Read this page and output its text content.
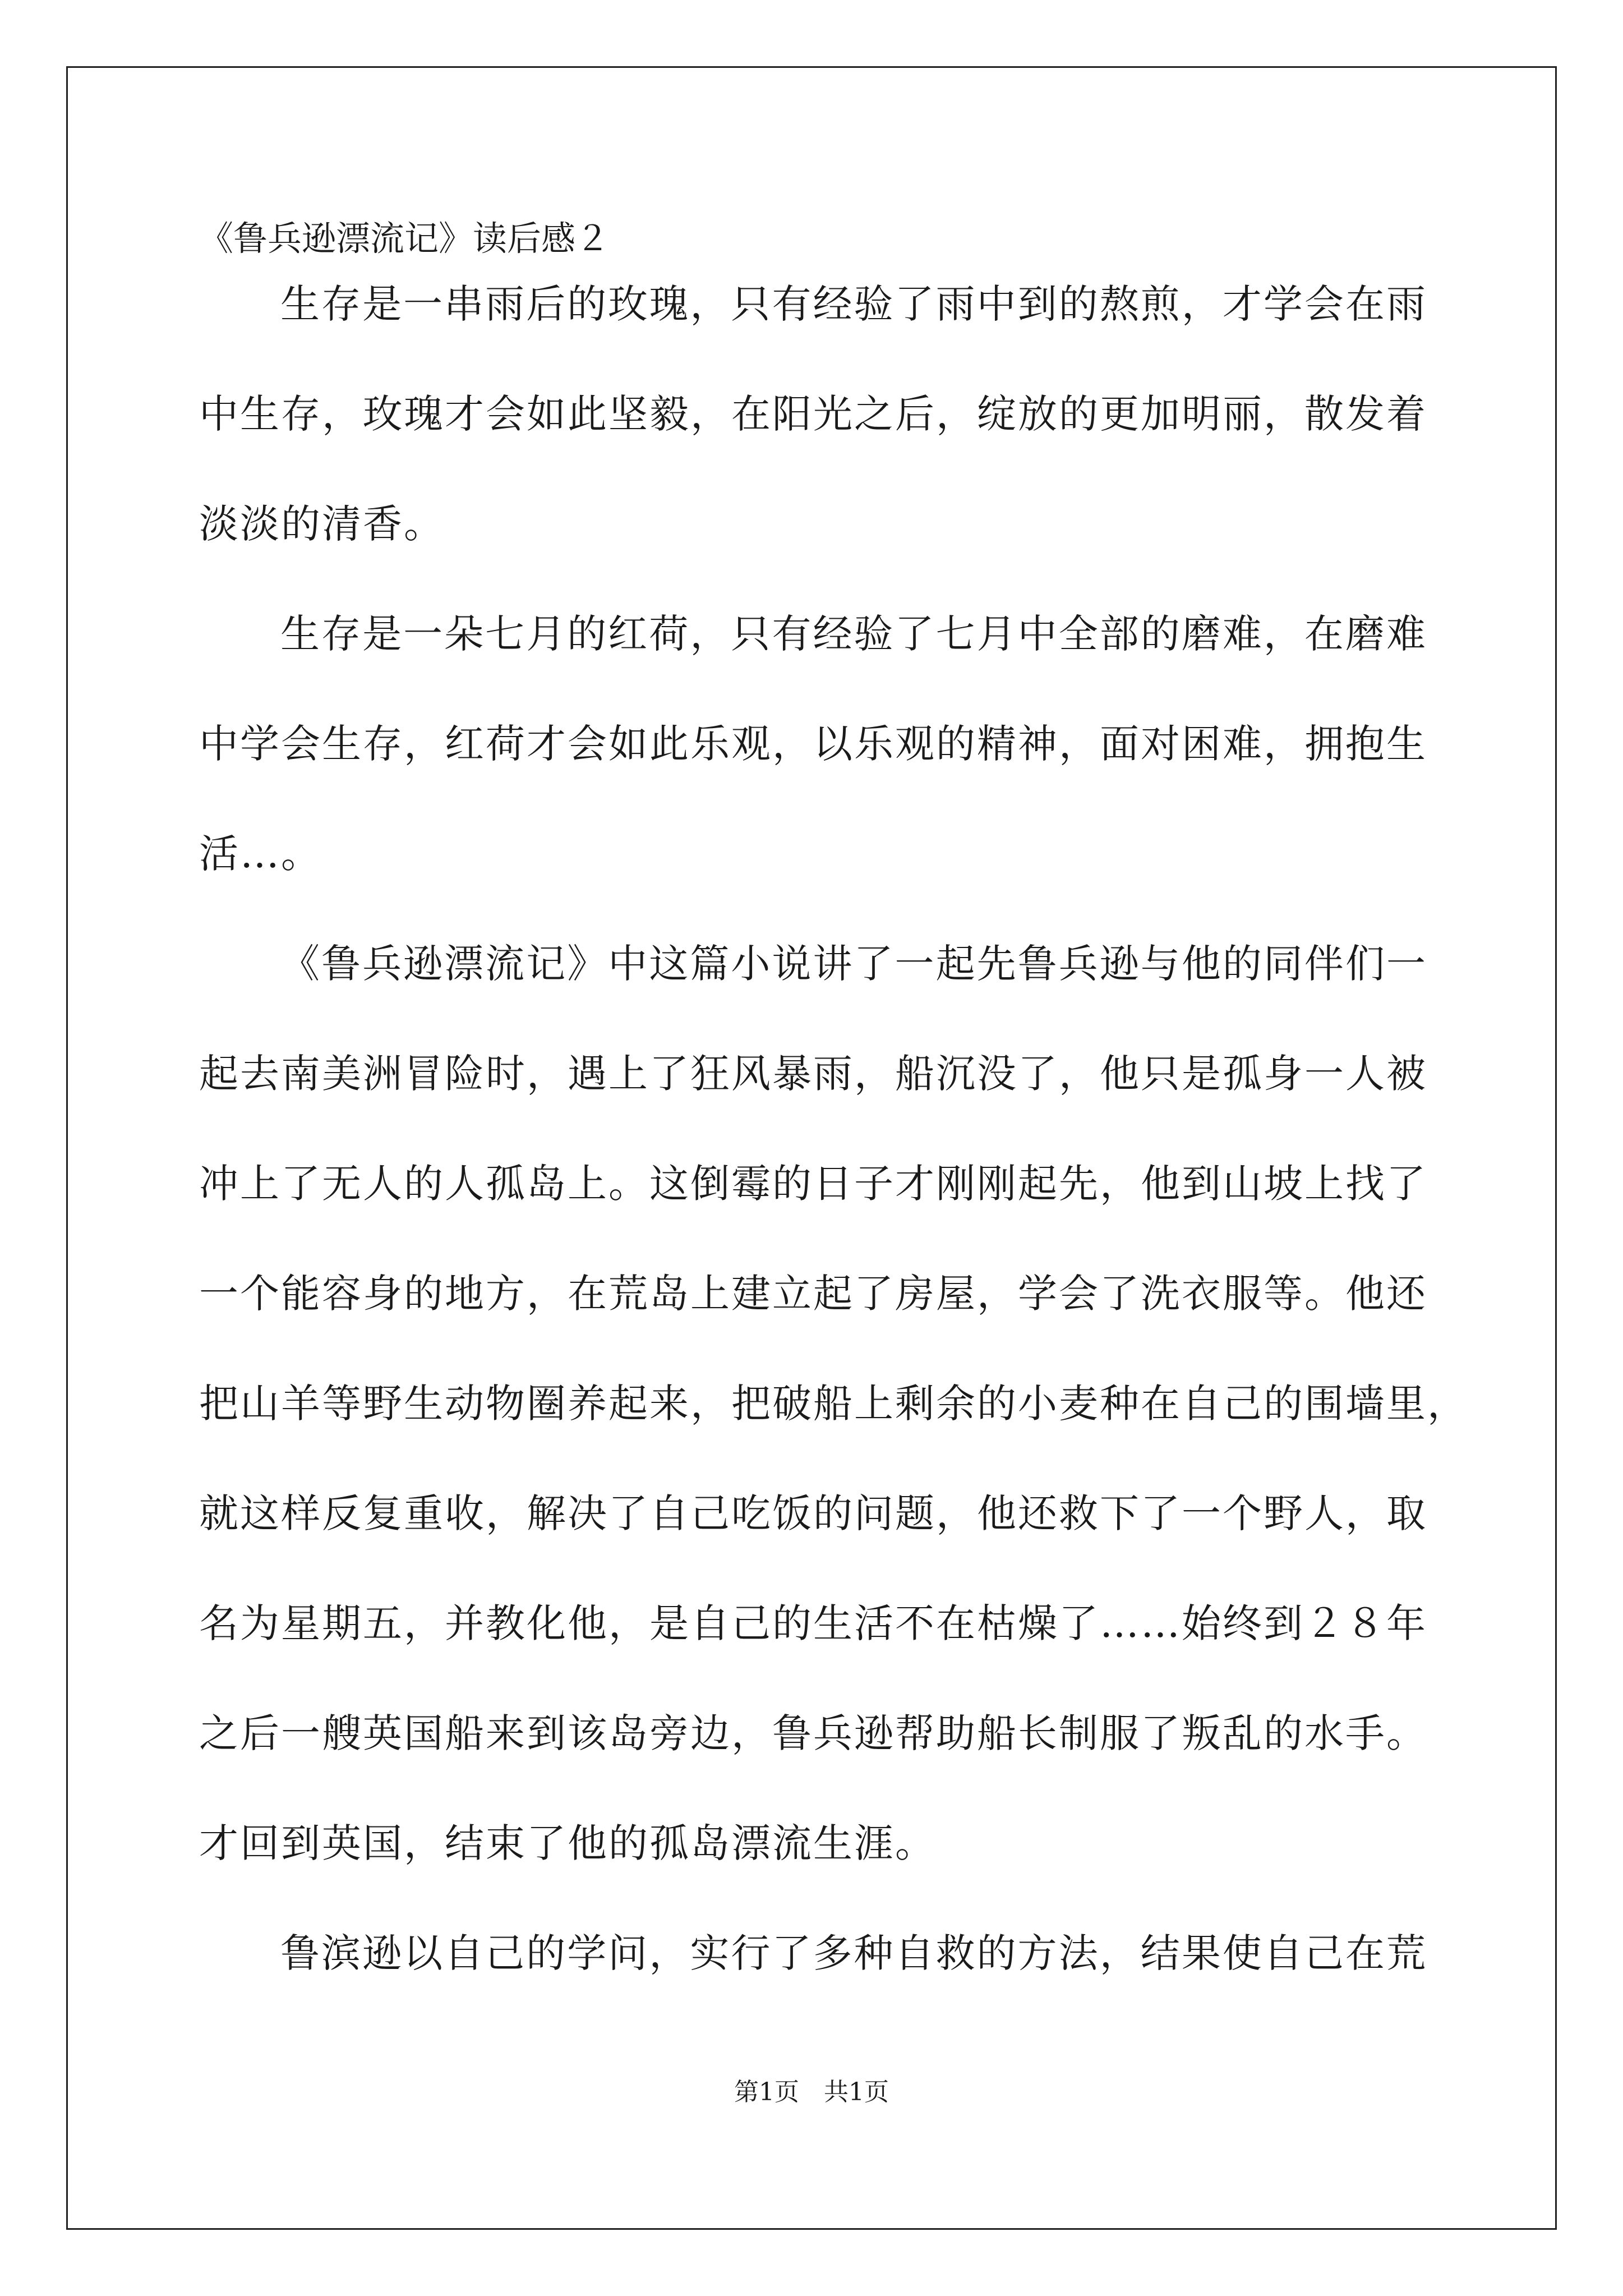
《鲁兵逊漂流记》读后感２
生存是一串雨后的玫瑰，只有经验了雨中到的熬煎，才学会在雨
中生存，玫瑰才会如此坚毅，在阳光之后，绽放的更加明丽，散发着
淡淡的清香。
生存是一朵七月的红荷，只有经验了七月中全部的磨难，在磨难
中学会生存，红荷才会如此乐观，以乐观的精神，面对困难，拥抱生
活…。
《鲁兵逊漂流记》中这篇小说讲了一起先鲁兵逊与他的同伴们一
起去南美洲冒险时，遇上了狂风暴雨，船沉没了，他只是孤身一人被
冲上了无人的人孤岛上。这倒霉的日子才刚刚起先，他到山坡上找了
一个能容身的地方，在荒岛上建立起了房屋，学会了洗衣服等。他还
把山羊等野生动物圈养起来，把破船上剩余的小麦种在自己的围墙里，
就这样反复重收，解决了自己吃饭的问题，他还救下了一个野人，取
名为星期五，并教化他，是自己的生活不在枯燥了……始终到２８年
之后一艘英国船来到该岛旁边，鲁兵逊帮助船长制服了叛乱的水手。
才回到英国，结束了他的孤岛漂流生涯。
鲁滨逊以自己的学问，实行了多种自救的方法，结果使自己在荒
第1页　共1页
